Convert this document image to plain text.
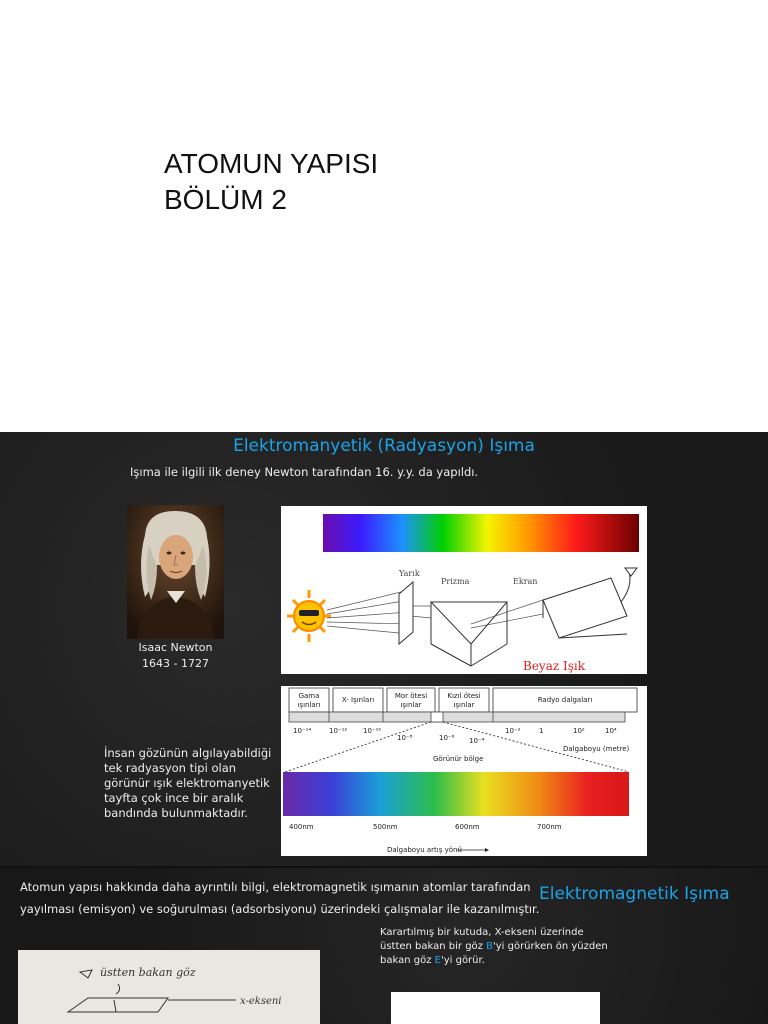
ATOMUN YAPISI
BÖLÜM 2
Elektromanyetik (Radyasyon) Işıma
Işıma ile ilgili ilk deney Newton tarafından 16. y.y. da yapıldı.
Isaac Newton
1643 - 1727
Yarık
Prizma	Ekran
Beyaz Işık
Gama
ışınları
X- Işınları	Mor ötesi
ışınlar
Kızıl ötesi
ışınlar
Radyo dalgaları
10⁻¹⁴	10⁻¹² 10⁻¹⁰	10⁻²	1	10²	10⁴
10⁻⁸	10⁻⁶ 10⁻⁴
Dalgaboyu (metre)
Görünür bölge
400nm	500nm	600nm	700nm
Dalgaboyu artış yönü
İnsan gözünün algılayabildiği tek radyasyon tipi olan görünür ışık elektromanyetik tayfta çok ince bir aralık bandında bulunmaktadır.
Atomun yapısı hakkında daha ayrıntılı bilgi, elektromagnetik ışımanın atomlar tarafından yayılması (emisyon) ve soğurulması (adsorbsiyonu) üzerindeki çalışmalar ile kazanılmıştır.
Elektromagnetik Işıma
Karartılmış bir kutuda, X-ekseni üzerinde
üstten bakan bir göz B'yi görürken ön yüzden
bakan göz E'yi görür.
üstten bakan göz
x-ekseni
